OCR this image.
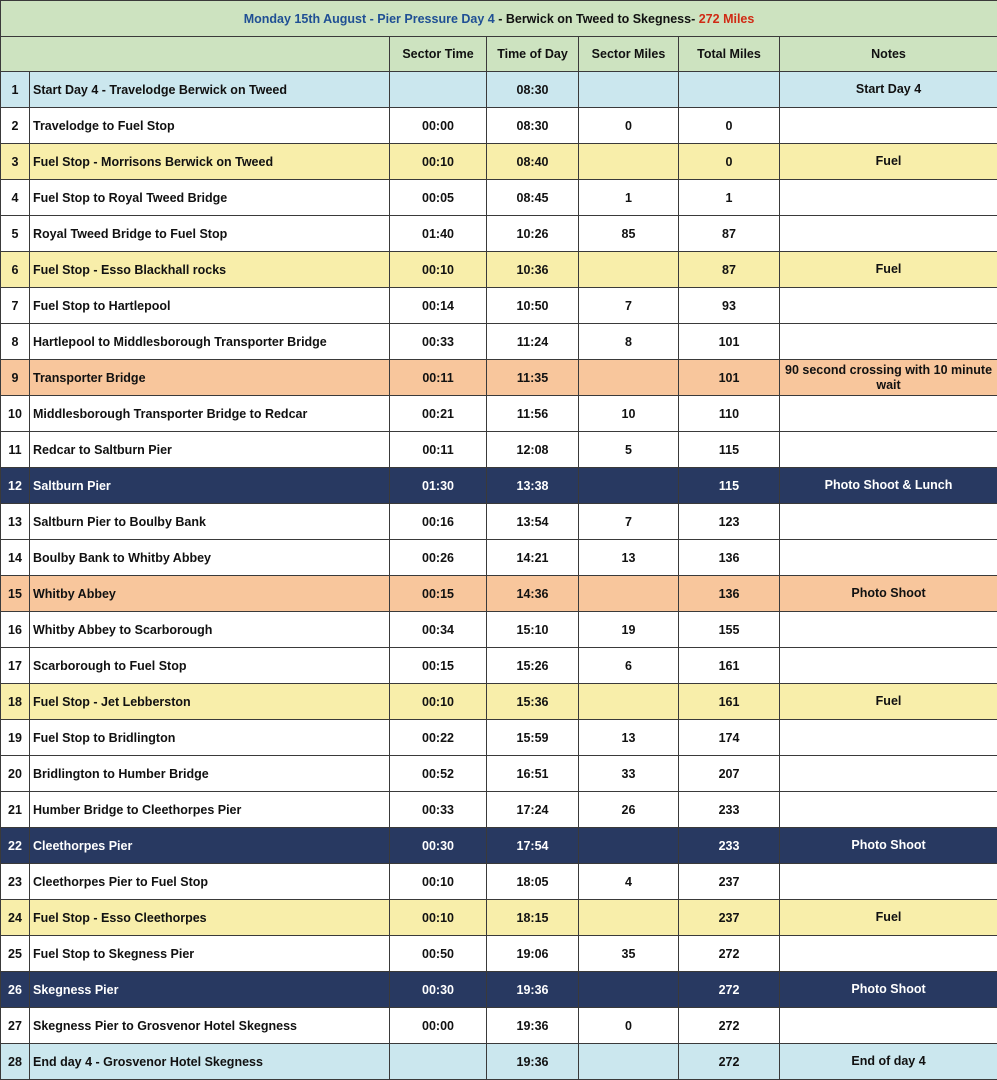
Monday 15th August - Pier Pressure Day 4 - Berwick on Tweed to Skegness- 272 Miles						
		Sector Time	Time of Day	Sector Miles	Total Miles	Notes
1	Start Day 4 - Travelodge Berwick on Tweed		08:30			Start Day 4
2	Travelodge to Fuel Stop	00:00	08:30	0	0	
3	Fuel Stop - Morrisons Berwick on Tweed	00:10	08:40		0	Fuel
4	Fuel Stop to Royal Tweed Bridge	00:05	08:45	1	1	
5	Royal Tweed Bridge to Fuel Stop	01:40	10:26	85	87	
6	Fuel Stop - Esso Blackhall rocks	00:10	10:36		87	Fuel
7	Fuel Stop to Hartlepool	00:14	10:50	7	93	
8	Hartlepool to Middlesborough Transporter Bridge	00:33	11:24	8	101	
9	Transporter Bridge	00:11	11:35		101	90 second crossing with 10 minute wait
10	Middlesborough Transporter Bridge to Redcar	00:21	11:56	10	110	
11	Redcar to Saltburn Pier	00:11	12:08	5	115	
12	Saltburn Pier	01:30	13:38		115	Photo Shoot & Lunch
13	Saltburn Pier to Boulby Bank	00:16	13:54	7	123	
14	Boulby Bank to Whitby Abbey	00:26	14:21	13	136	
15	Whitby Abbey	00:15	14:36		136	Photo Shoot
16	Whitby Abbey to Scarborough	00:34	15:10	19	155	
17	Scarborough to Fuel Stop	00:15	15:26	6	161	
18	Fuel Stop - Jet Lebberston	00:10	15:36		161	Fuel
19	Fuel Stop to Bridlington	00:22	15:59	13	174	
20	Bridlington to Humber Bridge	00:52	16:51	33	207	
21	Humber Bridge to Cleethorpes Pier	00:33	17:24	26	233	
22	Cleethorpes Pier	00:30	17:54		233	Photo Shoot
23	Cleethorpes Pier to Fuel Stop	00:10	18:05	4	237	
24	Fuel Stop - Esso Cleethorpes	00:10	18:15		237	Fuel
25	Fuel Stop to Skegness Pier	00:50	19:06	35	272	
26	Skegness Pier	00:30	19:36		272	Photo Shoot
27	Skegness Pier to Grosvenor Hotel Skegness	00:00	19:36	0	272	
28	End day 4 - Grosvenor Hotel Skegness		19:36		272	End of day 4
